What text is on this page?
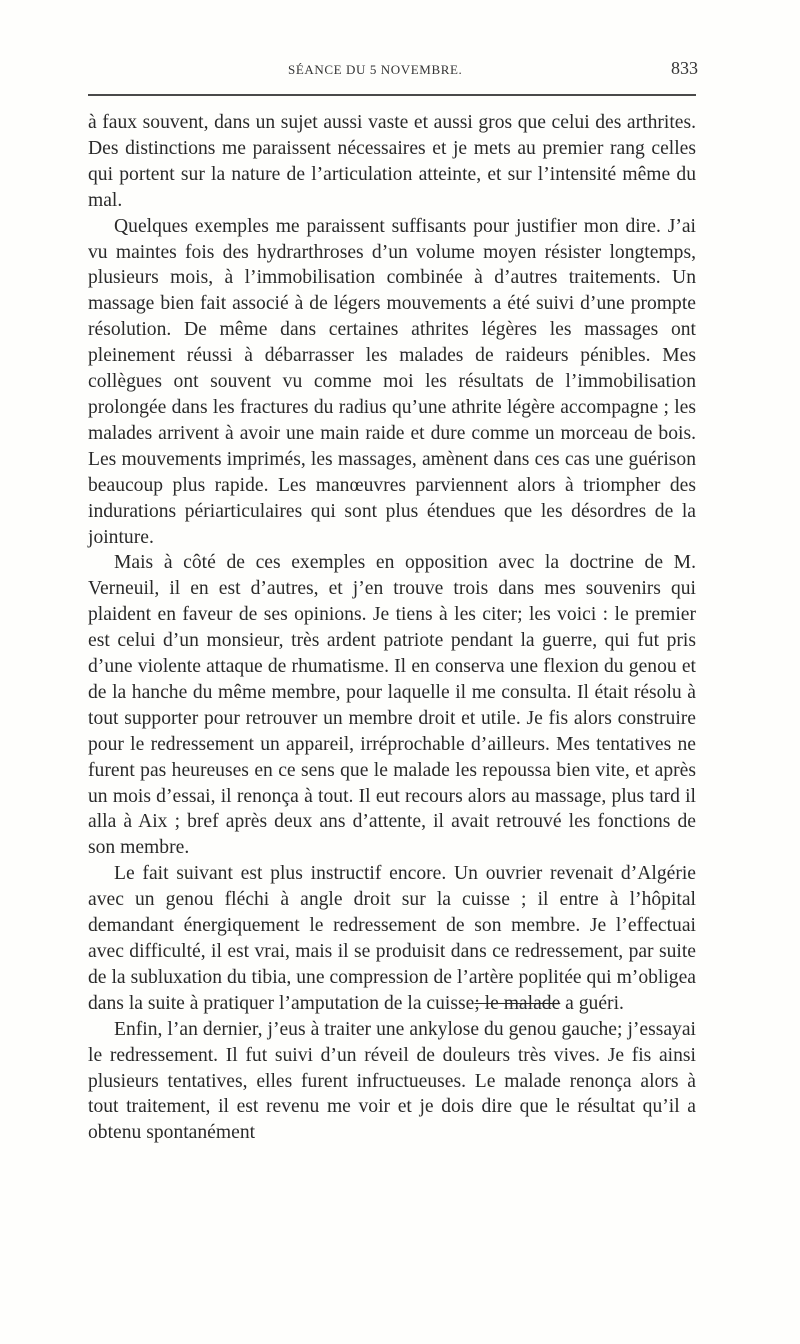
SÉANCE DU 5 NOVEMBRE.	833

à faux souvent, dans un sujet aussi vaste et aussi gros que celui des arthrites. Des distinctions me paraissent nécessaires et je mets au premier rang celles qui portent sur la nature de l’articulation atteinte, et sur l’intensité même du mal.

Quelques exemples me paraissent suffisants pour justifier mon dire. J’ai vu maintes fois des hydrarthroses d’un volume moyen résister longtemps, plusieurs mois, à l’immobilisation combinée à d’autres traitements. Un massage bien fait associé à de légers mouvements a été suivi d’une prompte résolution. De même dans certaines athrites légères les massages ont pleinement réussi à débarrasser les malades de raideurs pénibles. Mes collègues ont souvent vu comme moi les résultats de l’immobilisation prolongée dans les fractures du radius qu’une athrite légère accompagne ; les malades arrivent à avoir une main raide et dure comme un morceau de bois. Les mouvements imprimés, les massages, amènent dans ces cas une guérison beaucoup plus rapide. Les manœuvres parviennent alors à triompher des indurations périarticulaires qui sont plus étendues que les désordres de la jointure.

Mais à côté de ces exemples en opposition avec la doctrine de M. Verneuil, il en est d’autres, et j’en trouve trois dans mes souvenirs qui plaident en faveur de ses opinions. Je tiens à les citer; les voici : le premier est celui d’un monsieur, très ardent patriote pendant la guerre, qui fut pris d’une violente attaque de rhumatisme. Il en conserva une flexion du genou et de la hanche du même membre, pour laquelle il me consulta. Il était résolu à tout supporter pour retrouver un membre droit et utile. Je fis alors construire pour le redressement un appareil, irréprochable d’ailleurs. Mes tentatives ne furent pas heureuses en ce sens que le malade les repoussa bien vite, et après un mois d’essai, il renonça à tout. Il eut recours alors au massage, plus tard il alla à Aix ; bref après deux ans d’attente, il avait retrouvé les fonctions de son membre.

Le fait suivant est plus instructif encore. Un ouvrier revenait d’Algérie avec un genou fléchi à angle droit sur la cuisse ; il entre à l’hôpital demandant énergiquement le redressement de son membre. Je l’effectuai avec difficulté, il est vrai, mais il se produisit dans ce redressement, par suite de la subluxation du tibia, une compression de l’artère poplitée qui m’obligea dans la suite à pratiquer l’amputation de la cuisse; le malade a guéri.

Enfin, l’an dernier, j’eus à traiter une ankylose du genou gauche; j’essayai le redressement. Il fut suivi d’un réveil de douleurs très vives. Je fis ainsi plusieurs tentatives, elles furent infructueuses. Le malade renonça alors à tout traitement, il est revenu me voir et je dois dire que le résultat qu’il a obtenu spontanément
